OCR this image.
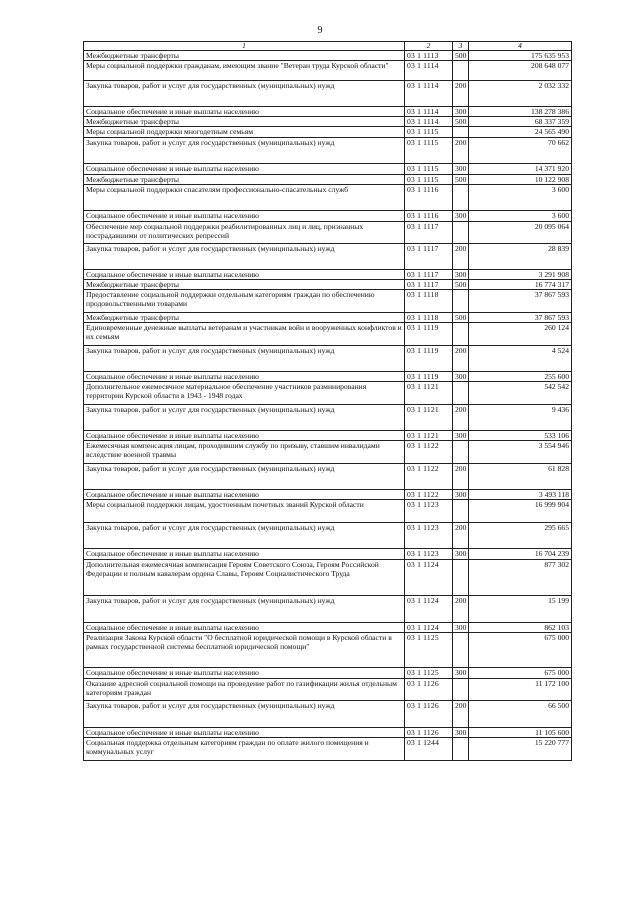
9
1	2	3	4
Межбюджетные трансферты	03 1 1113	500	175 635 953
Меры социальной поддержки гражданам, имеющим звание "Ветеран труда Курской области"	03 1 1114		208 648 077
Закупка товаров, работ и услуг для государственных (муниципальных) нужд	03 1 1114	200	2 032 332
Социальное обеспечение и иные выплаты населению	03 1 1114	300	138 278 386
Межбюджетные трансферты	03 1 1114	500	68 337 359
Меры социальной поддержки многодетным семьям	03 1 1115		24 565 490
Закупка товаров, работ и услуг для государственных (муниципальных) нужд	03 1 1115	200	70 662
Социальное обеспечение и иные выплаты населению	03 1 1115	300	14 371 920
Межбюджетные трансферты	03 1 1115	500	10 122 908
Меры социальной поддержки спасателям профессионально-спасательных служб	03 1 1116		3 600
Социальное обеспечение и иные выплаты населению	03 1 1116	300	3 600
Обеспечение мер социальной поддержки реабилитированных лиц и лиц, признанных пострадавшими от политических репрессий	03 1 1117		20 095 064
Закупка товаров, работ и услуг для государственных (муниципальных) нужд	03 1 1117	200	28 839
Социальное обеспечение и иные выплаты населению	03 1 1117	300	3 291 908
Межбюджетные трансферты	03 1 1117	500	16 774 317
Предоставление социальной поддержки отдельным категориям граждан по обеспечению продовольственными товарами	03 1 1118		37 867 593
Межбюджетные трансферты	03 1 1118	500	37 867 593
Единовременные денежные выплаты ветеранам и участникам войн и вооруженных конфликтов и их семьям	03 1 1119		260 124
Закупка товаров, работ и услуг для государственных (муниципальных) нужд	03 1 1119	200	4 524
Социальное обеспечение и иные выплаты населению	03 1 1119	300	255 600
Дополнительное ежемесячное материальное обеспечение участников разминирования территории Курской области в 1943 - 1948 годах	03 1 1121		542 542
Закупка товаров, работ и услуг для государственных (муниципальных) нужд	03 1 1121	200	9 436
Социальное обеспечение и иные выплаты населению	03 1 1121	300	533 106
Ежемесячная компенсация лицам, проходившим службу по призыву, ставшим инвалидами вследствие военной травмы	03 1 1122		3 554 946
Закупка товаров, работ и услуг для государственных (муниципальных) нужд	03 1 1122	200	61 828
Социальное обеспечение и иные выплаты населению	03 1 1122	300	3 493 118
Меры социальной поддержки лицам, удостоенным почетных званий Курской области	03 1 1123		16 999 904
Закупка товаров, работ и услуг для государственных (муниципальных) нужд	03 1 1123	200	295 665
Социальное обеспечение и иные выплаты населению	03 1 1123	300	16 704 239
Дополнительная ежемесячная компенсация Героям Советского Союза, Героям Российской Федерации и полным кавалерам ордена Славы, Героям Социалистического Труда	03 1 1124		877 302
Закупка товаров, работ и услуг для государственных (муниципальных) нужд	03 1 1124	200	15 199
Социальное обеспечение и иные выплаты населению	03 1 1124	300	862 103
Реализация Закона Курской области "О бесплатной юридической помощи в Курской области в рамках государственной системы бесплатной юридической помощи"	03 1 1125		675 000
Социальное обеспечение и иные выплаты населению	03 1 1125	300	675 000
Оказание адресной социальной помощи на проведение работ по газификации жилья отдельным категориям граждан	03 1 1126		11 172 100
Закупка товаров, работ и услуг для государственных (муниципальных) нужд	03 1 1126	200	66 500
Социальное обеспечение и иные выплаты населению	03 1 1126	300	11 105 600
Социальная поддержка отдельным категориям граждан по оплате жилого помещения и коммунальных услуг	03 1 1244		15 220 777
